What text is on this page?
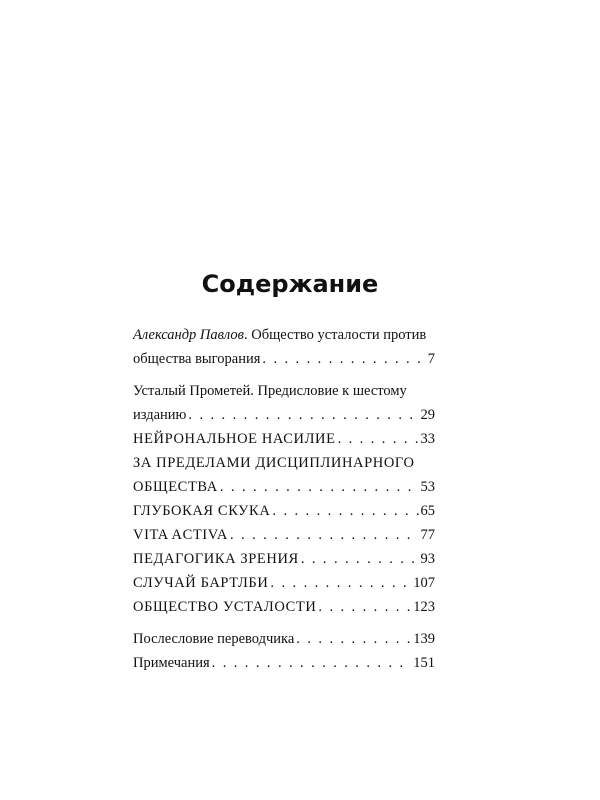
Содержание
Александр Павлов. Общество усталости против
общества выгорания . . .	7
Усталый Прометей. Предисловие к шестому
изданию . . .	29
НЕЙРОНАЛЬНОЕ НАСИЛИЕ . . .	33
ЗА ПРЕДЕЛАМИ ДИСЦИПЛИНАРНОГО
ОБЩЕСТВА . . .	53
ГЛУБОКАЯ СКУКА . . .	65
VITA ACTIVA . . .	77
ПЕДАГОГИКА ЗРЕНИЯ . . .	93
СЛУЧАЙ БАРТЛБИ . . .	107
ОБЩЕСТВО УСТАЛОСТИ . . .	123
Послесловие переводчика . . .	139
Примечания . . .	151
